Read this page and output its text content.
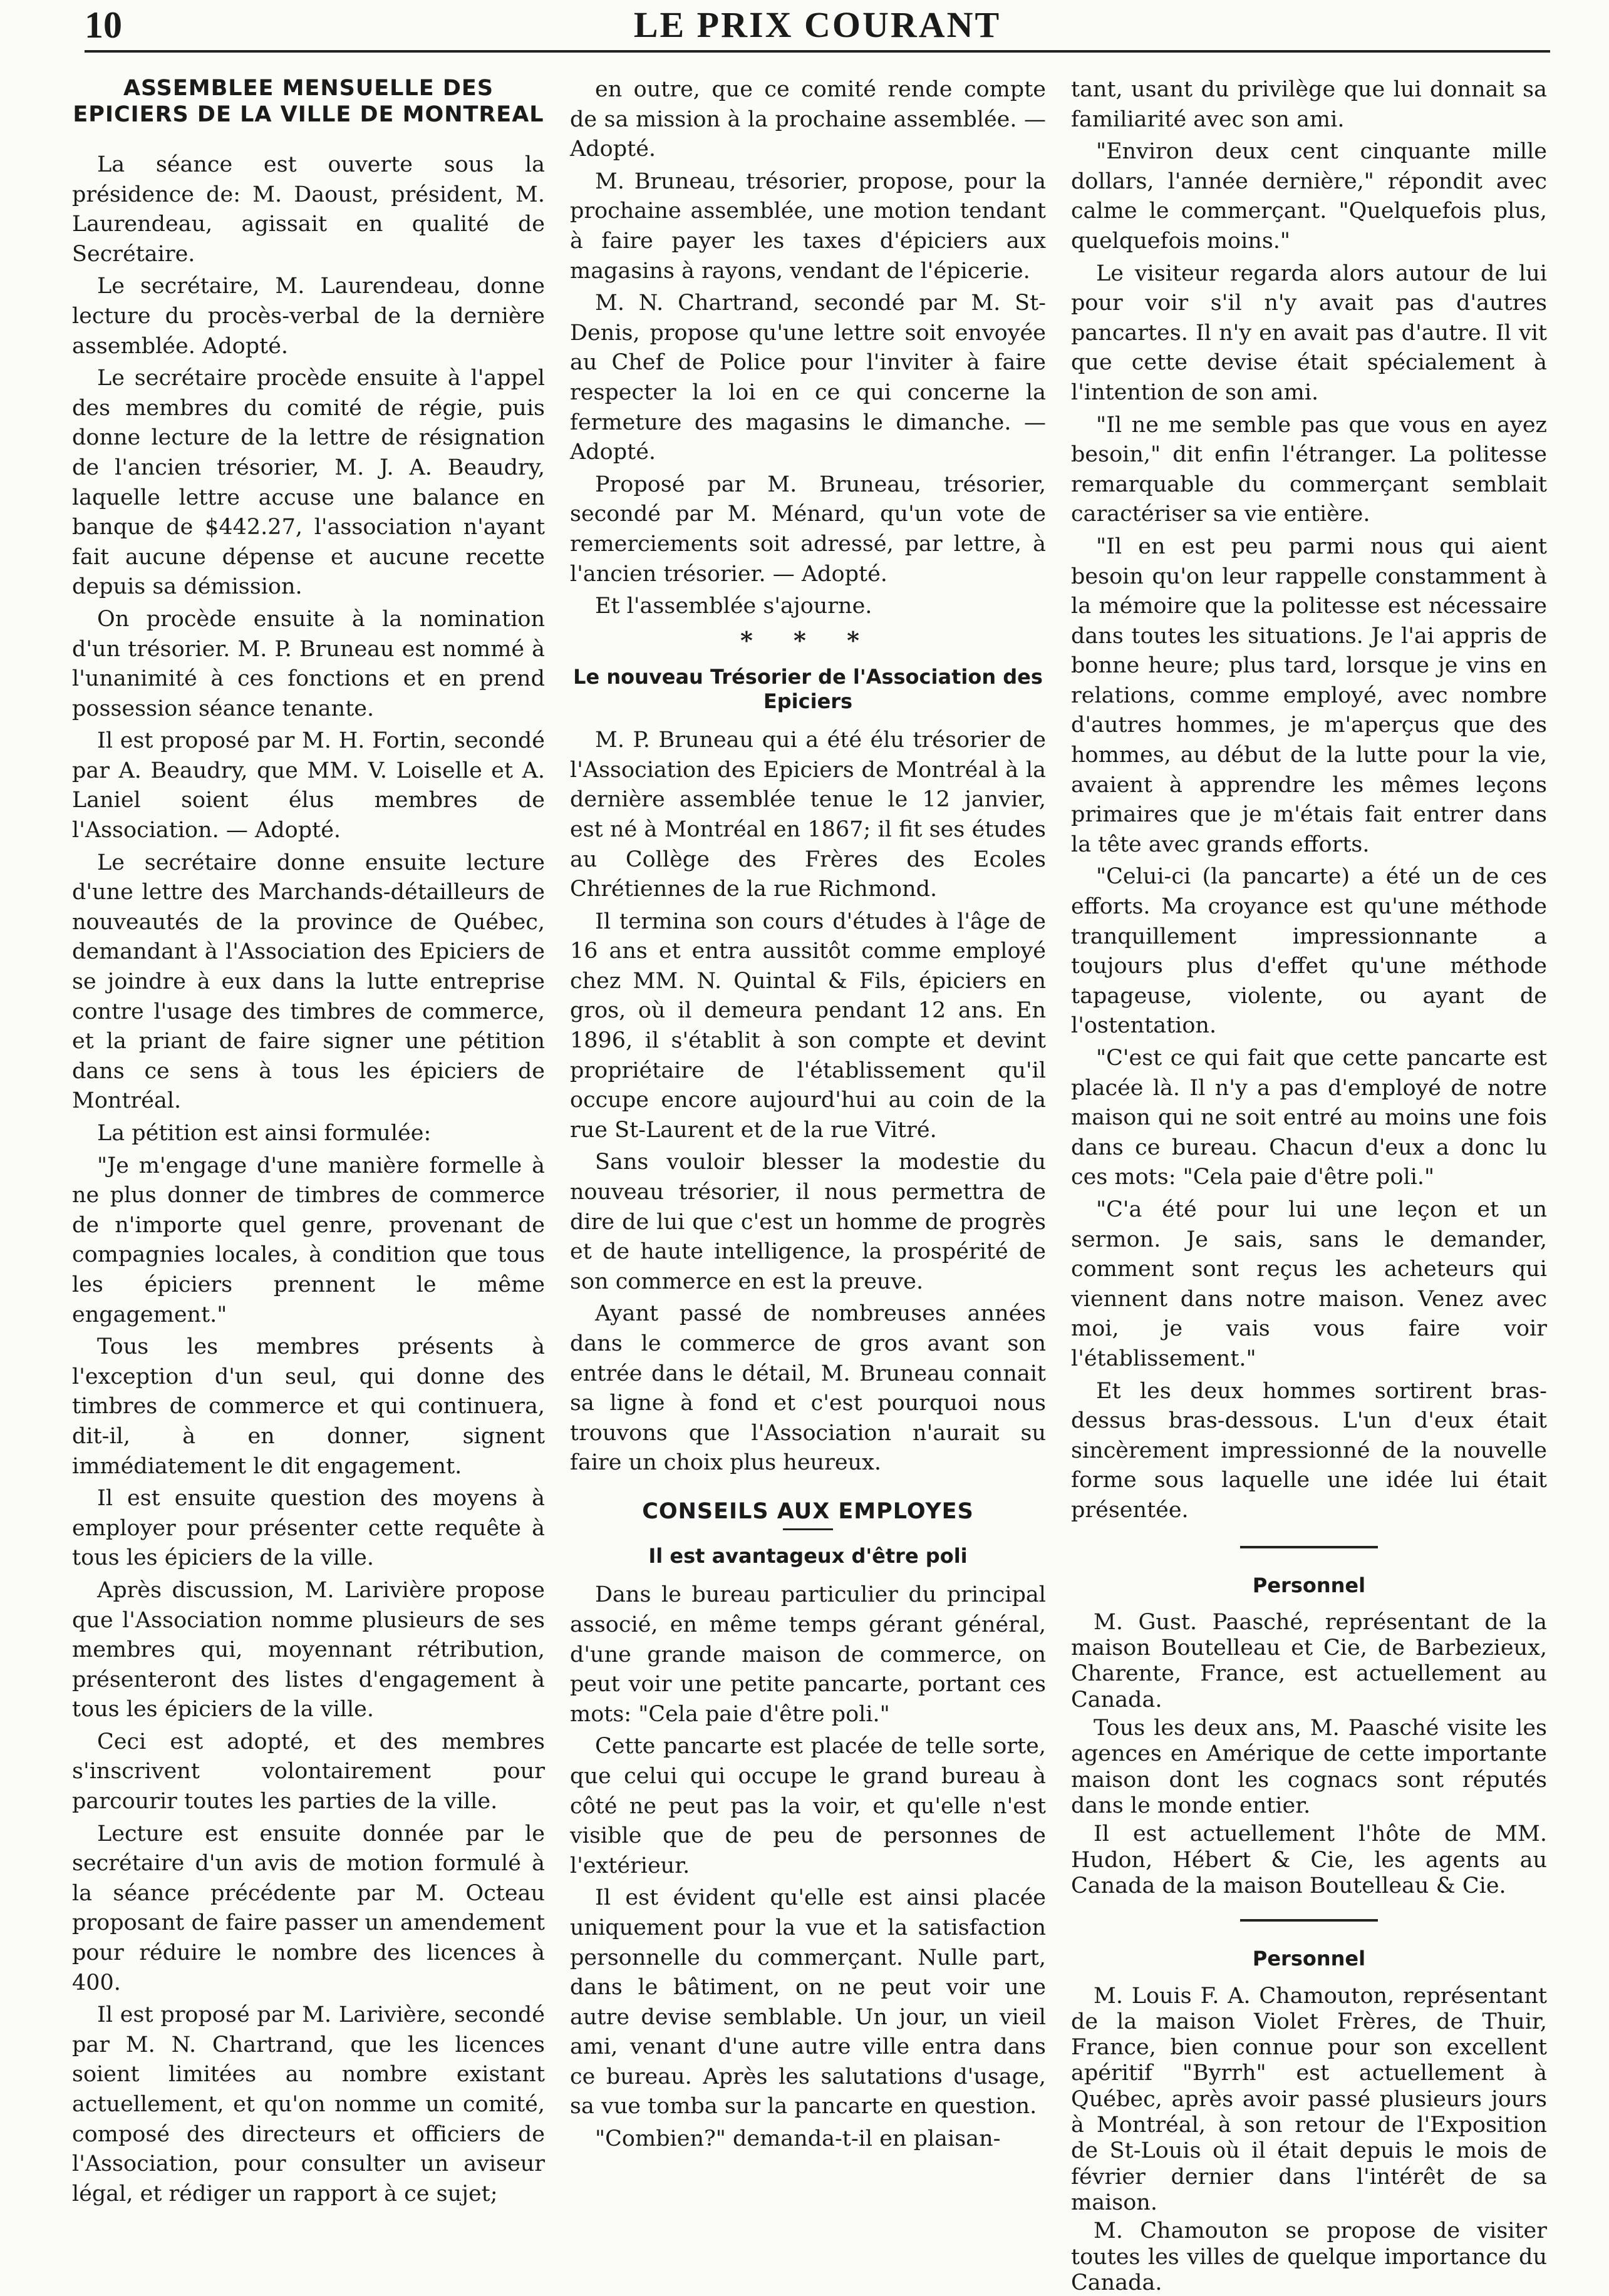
10	LE PRIX COURANT
ASSEMBLEE MENSUELLE DES EPICIERS DE LA VILLE DE MONTREAL

La séance est ouverte sous la présidence de: M. Daoust, président, M. Laurendeau, agissait en qualité de Secrétaire.

Le secrétaire, M. Laurendeau, donne lecture du procès-verbal de la dernière assemblée. Adopté.

Le secrétaire procède ensuite à l'appel des membres du comité de régie, puis donne lecture de la lettre de résignation de l'ancien trésorier, M. J. A. Beaudry, laquelle lettre accuse une balance en banque de $442.27, l'association n'ayant fait aucune dépense et aucune recette depuis sa démission.

On procède ensuite à la nomination d'un trésorier. M. P. Bruneau est nommé à l'unanimité à ces fonctions et en prend possession séance tenante.

Il est proposé par M. H. Fortin, secondé par A. Beaudry, que MM. V. Loiselle et A. Laniel soient élus membres de l'Association. — Adopté.

Le secrétaire donne ensuite lecture d'une lettre des Marchands-détailleurs de nouveautés de la province de Québec, demandant à l'Association des Epiciers de se joindre à eux dans la lutte entreprise contre l'usage des timbres de commerce, et la priant de faire signer une pétition dans ce sens à tous les épiciers de Montréal.

La pétition est ainsi formulée:

"Je m'engage d'une manière formelle à ne plus donner de timbres de commerce de n'importe quel genre, provenant de compagnies locales, à condition que tous les épiciers prennent le même engagement."

Tous les membres présents à l'exception d'un seul, qui donne des timbres de commerce et qui continuera, dit-il, à en donner, signent immédiatement le dit engagement.

Il est ensuite question des moyens à employer pour présenter cette requête à tous les épiciers de la ville.

Après discussion, M. Larivière propose que l'Association nomme plusieurs de ses membres qui, moyennant rétribution, présenteront des listes d'engagement à tous les épiciers de la ville.

Ceci est adopté, et des membres s'inscrivent volontairement pour parcourir toutes les parties de la ville.

Lecture est ensuite donnée par le secrétaire d'un avis de motion formulé à la séance précédente par M. Octeau proposant de faire passer un amendement pour réduire le nombre des licences à 400.

Il est proposé par M. Larivière, secondé par M. N. Chartrand, que les licences soient limitées au nombre existant actuellement, et qu'on nomme un comité, composé des directeurs et officiers de l'Association, pour consulter un aviseur légal, et rédiger un rapport à ce sujet;

en outre, que ce comité rende compte de sa mission à la prochaine assemblée. — Adopté.

M. Bruneau, trésorier, propose, pour la prochaine assemblée, une motion tendant à faire payer les taxes d'épiciers aux magasins à rayons, vendant de l'épicerie.

M. N. Chartrand, secondé par M. St-Denis, propose qu'une lettre soit envoyée au Chef de Police pour l'inviter à faire respecter la loi en ce qui concerne la fermeture des magasins le dimanche. — Adopté.

Proposé par M. Bruneau, trésorier, secondé par M. Ménard, qu'un vote de remerciements soit adressé, par lettre, à l'ancien trésorier. — Adopté.

Et l'assemblée s'ajourne.

* * *
Le nouveau Trésorier de l'Association des Epiciers

M. P. Bruneau qui a été élu trésorier de l'Association des Epiciers de Montréal à la dernière assemblée tenue le 12 janvier, est né à Montréal en 1867; il fit ses études au Collège des Frères des Ecoles Chrétiennes de la rue Richmond.

Il termina son cours d'études à l'âge de 16 ans et entra aussitôt comme employé chez MM. N. Quintal & Fils, épiciers en gros, où il demeura pendant 12 ans. En 1896, il s'établit à son compte et devint propriétaire de l'établissement qu'il occupe encore aujourd'hui au coin de la rue St-Laurent et de la rue Vitré.

Sans vouloir blesser la modestie du nouveau trésorier, il nous permettra de dire de lui que c'est un homme de progrès et de haute intelligence, la prospérité de son commerce en est la preuve.

Ayant passé de nombreuses années dans le commerce de gros avant son entrée dans le détail, M. Bruneau connait sa ligne à fond et c'est pourquoi nous trouvons que l'Association n'aurait su faire un choix plus heureux.

CONSEILS AUX EMPLOYES
Il est avantageux d'être poli

Dans le bureau particulier du principal associé, en même temps gérant général, d'une grande maison de commerce, on peut voir une petite pancarte, portant ces mots: "Cela paie d'être poli."

Cette pancarte est placée de telle sorte, que celui qui occupe le grand bureau à côté ne peut pas la voir, et qu'elle n'est visible que de peu de personnes de l'extérieur.

Il est évident qu'elle est ainsi placée uniquement pour la vue et la satisfaction personnelle du commerçant. Nulle part, dans le bâtiment, on ne peut voir une autre devise semblable. Un jour, un vieil ami, venant d'une autre ville entra dans ce bureau. Après les salutations d'usage, sa vue tomba sur la pancarte en question.

"Combien?" demanda-t-il en plaisan-

tant, usant du privilège que lui donnait sa familiarité avec son ami.

"Environ deux cent cinquante mille dollars, l'année dernière," répondit avec calme le commerçant. "Quelquefois plus, quelquefois moins."

Le visiteur regarda alors autour de lui pour voir s'il n'y avait pas d'autres pancartes. Il n'y en avait pas d'autre. Il vit que cette devise était spécialement à l'intention de son ami.

"Il ne me semble pas que vous en ayez besoin," dit enfin l'étranger. La politesse remarquable du commerçant semblait caractériser sa vie entière.

"Il en est peu parmi nous qui aient besoin qu'on leur rappelle constamment à la mémoire que la politesse est nécessaire dans toutes les situations. Je l'ai appris de bonne heure; plus tard, lorsque je vins en relations, comme employé, avec nombre d'autres hommes, je m'aperçus que des hommes, au début de la lutte pour la vie, avaient à apprendre les mêmes leçons primaires que je m'étais fait entrer dans la tête avec grands efforts.

"Celui-ci (la pancarte) a été un de ces efforts. Ma croyance est qu'une méthode tranquillement impressionnante a toujours plus d'effet qu'une méthode tapageuse, violente, ou ayant de l'ostentation.

"C'est ce qui fait que cette pancarte est placée là. Il n'y a pas d'employé de notre maison qui ne soit entré au moins une fois dans ce bureau. Chacun d'eux a donc lu ces mots: "Cela paie d'être poli."

"C'a été pour lui une leçon et un sermon. Je sais, sans le demander, comment sont reçus les acheteurs qui viennent dans notre maison. Venez avec moi, je vais vous faire voir l'établissement."

Et les deux hommes sortirent bras-dessus bras-dessous. L'un d'eux était sincèrement impressionné de la nouvelle forme sous laquelle une idée lui était présentée.

Personnel

M. Gust. Paasché, représentant de la maison Boutelleau et Cie, de Barbezieux, Charente, France, est actuellement au Canada.

Tous les deux ans, M. Paasché visite les agences en Amérique de cette importante maison dont les cognacs sont réputés dans le monde entier.

Il est actuellement l'hôte de MM. Hudon, Hébert & Cie, les agents au Canada de la maison Boutelleau & Cie.

Personnel

M. Louis F. A. Chamouton, représentant de la maison Violet Frères, de Thuir, France, bien connue pour son excellent apéritif "Byrrh" est actuellement à Québec, après avoir passé plusieurs jours à Montréal, à son retour de l'Exposition de St-Louis où il était depuis le mois de février dernier dans l'intérêt de sa maison.

M. Chamouton se propose de visiter toutes les villes de quelque importance du Canada.
